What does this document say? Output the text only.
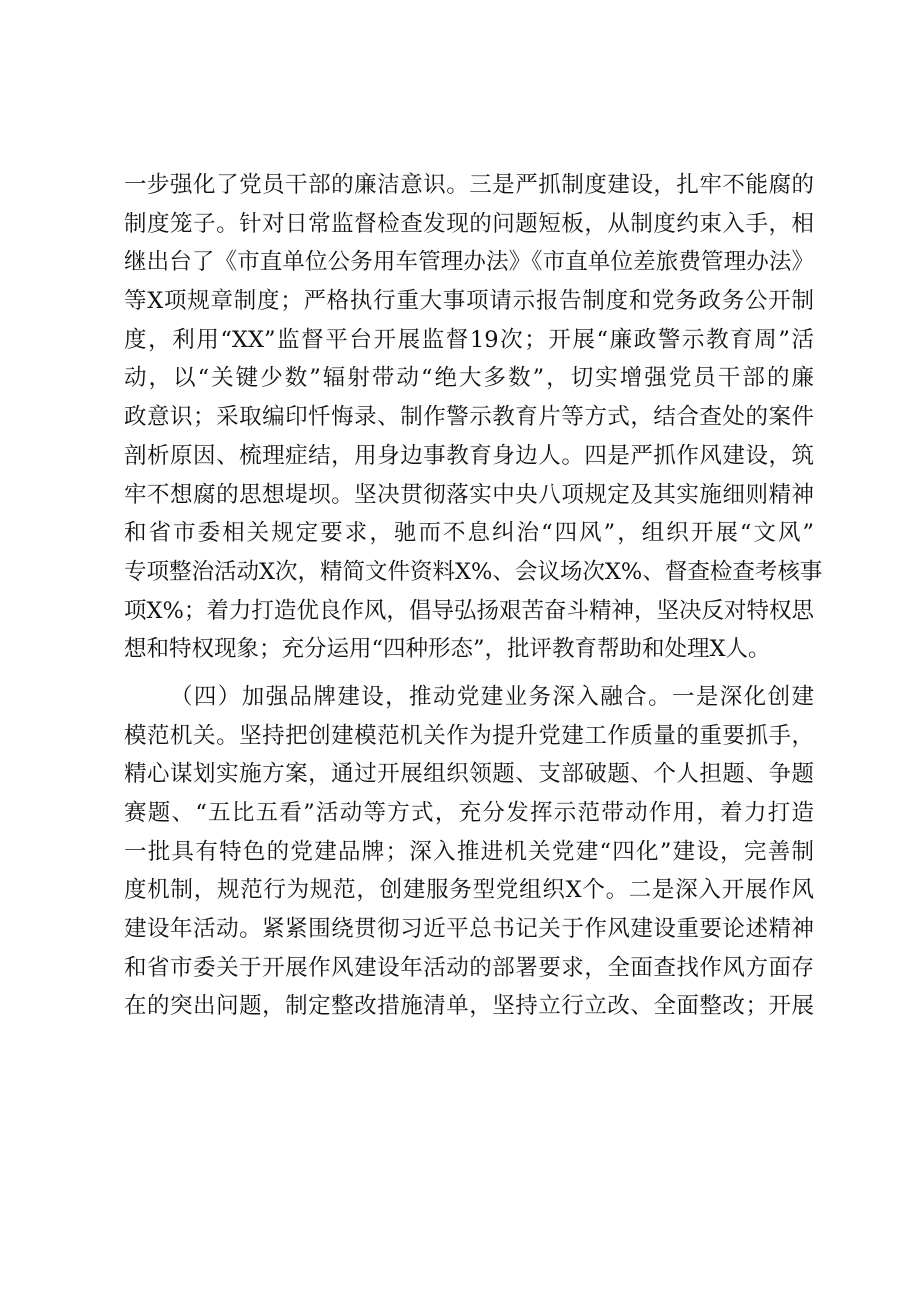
一步强化了党员干部的廉洁意识。三是严抓制度建设，扎牢不能腐的
制度笼子。针对日常监督检查发现的问题短板，从制度约束入手，相
继出台了《市直单位公务用车管理办法》《市直单位差旅费管理办法》
等X项规章制度；严格执行重大事项请示报告制度和党务政务公开制
度，利用“XX”监督平台开展监督19次；开展“廉政警示教育周”活
动，以“关键少数”辐射带动“绝大多数”，切实增强党员干部的廉
政意识；采取编印忏悔录、制作警示教育片等方式，结合查处的案件
剖析原因、梳理症结，用身边事教育身边人。四是严抓作风建设，筑
牢不想腐的思想堤坝。坚决贯彻落实中央八项规定及其实施细则精神
和省市委相关规定要求，驰而不息纠治“四风”，组织开展“文风”
专项整治活动X次，精简文件资料X%、会议场次X%、督查检查考核事
项X%；着力打造优良作风，倡导弘扬艰苦奋斗精神，坚决反对特权思
想和特权现象；充分运用“四种形态”，批评教育帮助和处理X人。
（四）加强品牌建设，推动党建业务深入融合。一是深化创建
模范机关。坚持把创建模范机关作为提升党建工作质量的重要抓手，
精心谋划实施方案，通过开展组织领题、支部破题、个人担题、争题
赛题、“五比五看”活动等方式，充分发挥示范带动作用，着力打造
一批具有特色的党建品牌；深入推进机关党建“四化”建设，完善制
度机制，规范行为规范，创建服务型党组织X个。二是深入开展作风
建设年活动。紧紧围绕贯彻习近平总书记关于作风建设重要论述精神
和省市委关于开展作风建设年活动的部署要求，全面查找作风方面存
在的突出问题，制定整改措施清单，坚持立行立改、全面整改；开展
